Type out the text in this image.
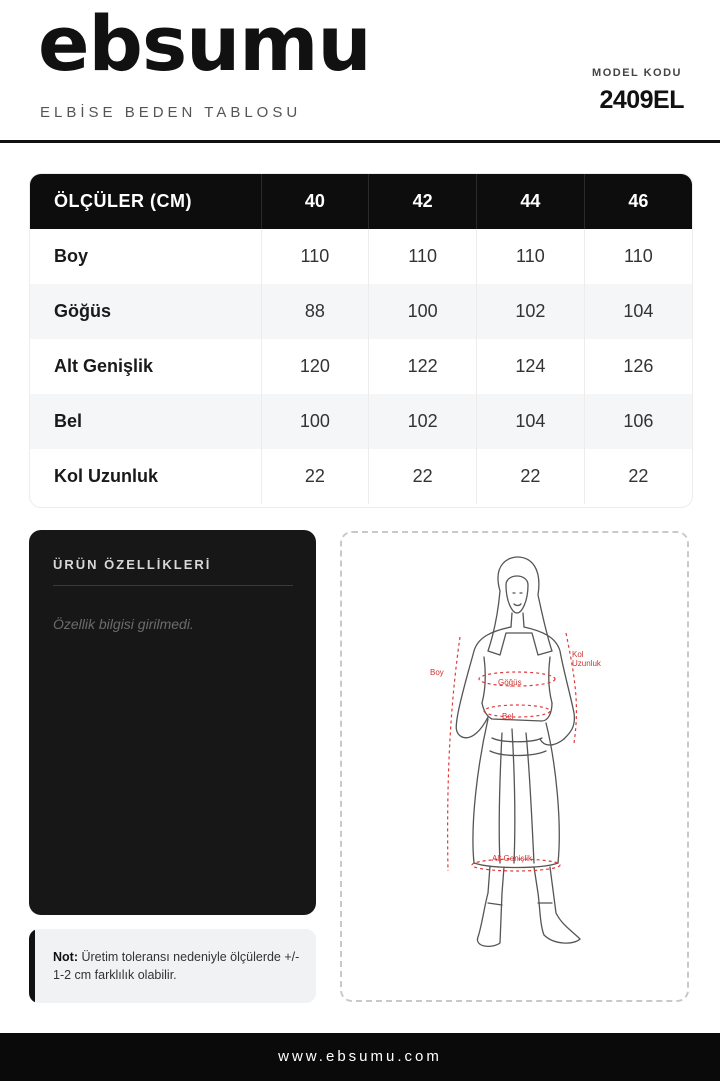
ebsumu
ELBİSE BEDEN TABLOSU
MODEL KODU
2409EL
ÖLÇÜLER (CM)	40	42	44	46
Boy	110	110	110	110
Göğüs	88	100	102	104
Alt Genişlik	120	122	124	126
Bel	100	102	104	106
Kol Uzunluk	22	22	22	22
ÜRÜN ÖZELLİKLERİ
Özellik bilgisi girilmedi.
Not: Üretim toleransı nedeniyle ölçülerde +/- 1-2 cm farklılık olabilir.
Boy
Göğüs
Bel
Kol
Uzunluk
Alt Genişlik
www.ebsumu.com
